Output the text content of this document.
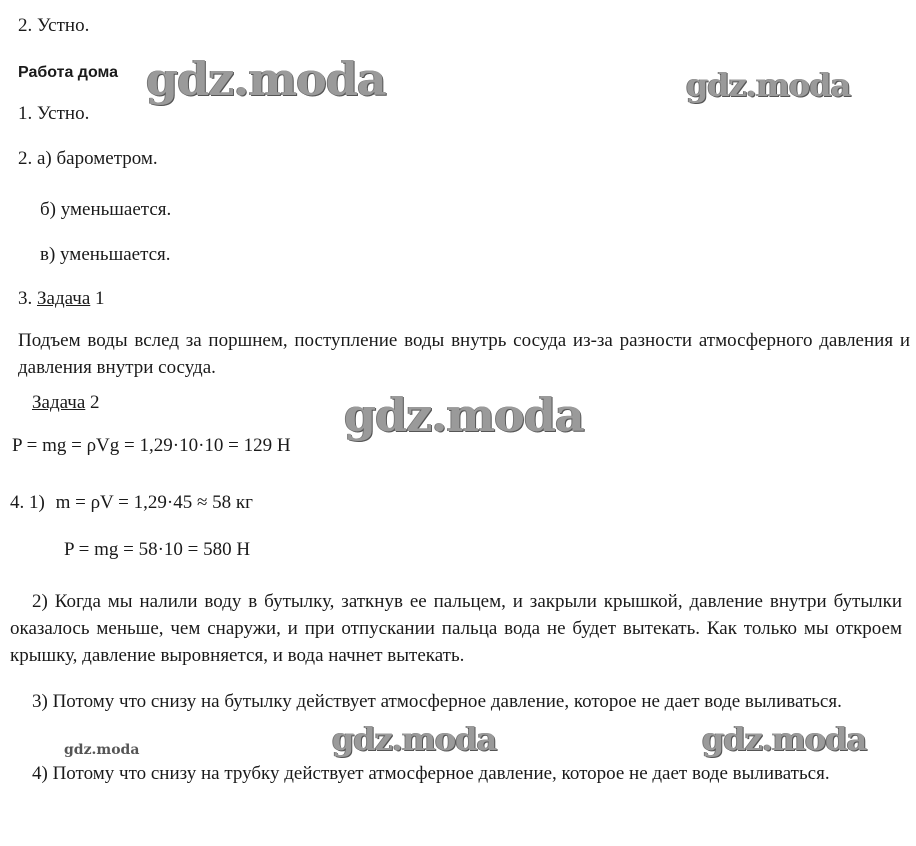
2. Устно.
Работа дома
1. Устно.
2. а) барометром.
б) уменьшается.
в) уменьшается.
3. Задача 1
Подъем воды вслед за поршнем, поступление воды внутрь сосуда из-за разности атмосферного давления и давления внутри сосуда.
Задача 2
P = mg = ρVg = 1,29·10·10 = 129 Н
4. 1) m = ρV = 1,29·45 ≈ 58 кг
P = mg = 58·10 = 580 Н
2) Когда мы налили воду в бутылку, заткнув ее пальцем, и закрыли крышкой, давление внутри бутылки оказалось меньше, чем снаружи, и при отпускании пальца вода не будет вытекать. Как только мы откроем крышку, давление выровняется, и вода начнет вытекать.
3) Потому что снизу на бутылку действует атмосферное давление, которое не дает воде выливаться.
4) Потому что снизу на трубку действует атмосферное давление, которое не дает воде выливаться.
gdz.moda	gdz.moda
gdz.moda
gdz.moda	gdz.moda	gdz.moda
